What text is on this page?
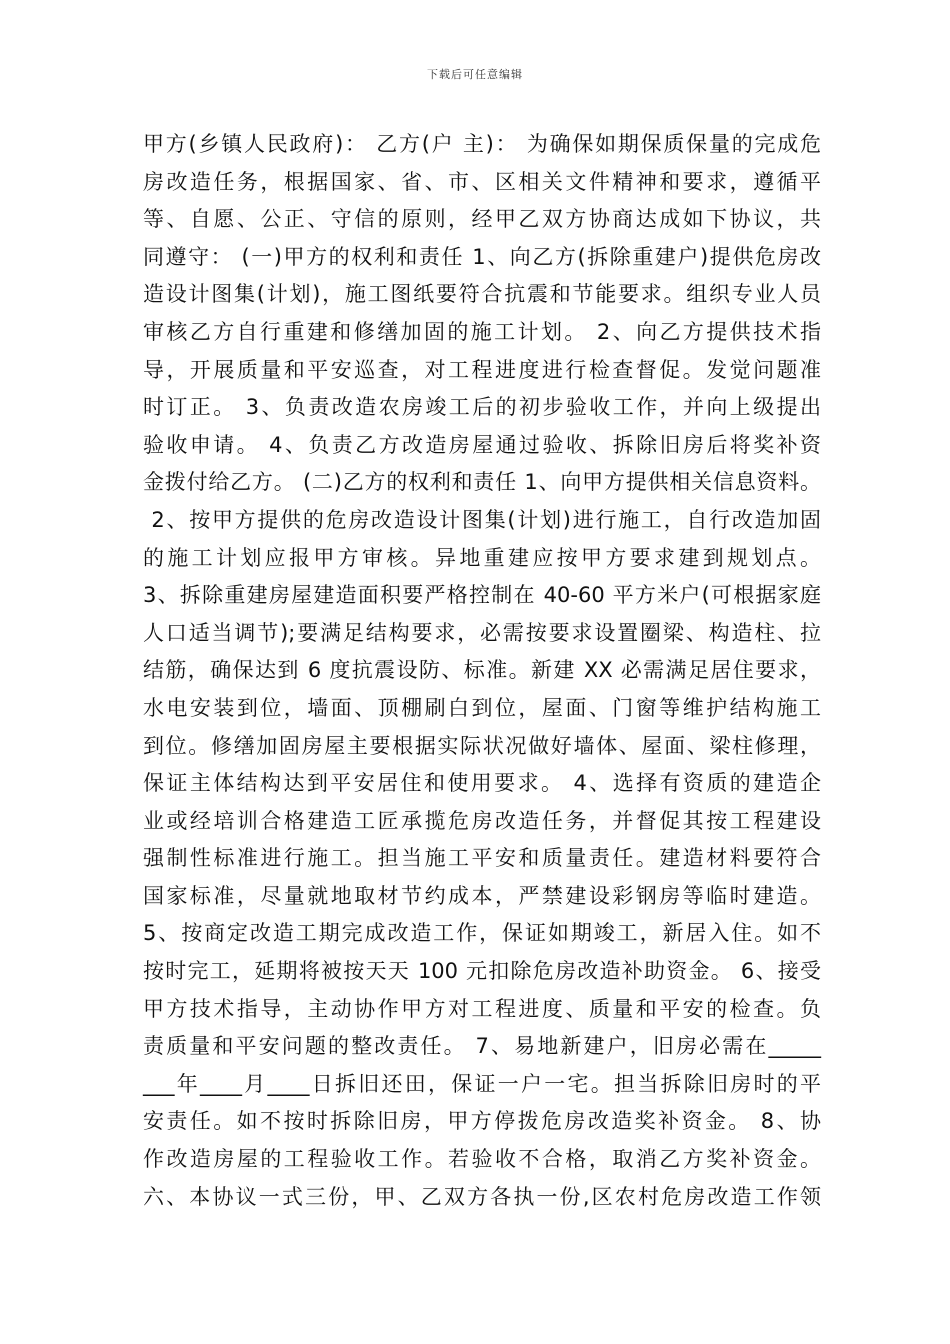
下载后可任意编辑
甲方(乡镇人民政府)： 乙方(户 主)： 为确保如期保质保量的完成危
房改造任务，根据国家、省、市、区相关文件精神和要求，遵循平
等、自愿、公正、守信的原则，经甲乙双方协商达成如下协议，共
同遵守： (一)甲方的权利和责任 1、向乙方(拆除重建户)提供危房改
造设计图集(计划)，施工图纸要符合抗震和节能要求。组织专业人员
审核乙方自行重建和修缮加固的施工计划。 2、向乙方提供技术指
导，开展质量和平安巡查，对工程进度进行检查督促。发觉问题准
时订正。 3、负责改造农房竣工后的初步验收工作，并向上级提出
验收申请。 4、负责乙方改造房屋通过验收、拆除旧房后将奖补资
金拨付给乙方。 (二)乙方的权利和责任 1、向甲方提供相关信息资料。
2、按甲方提供的危房改造设计图集(计划)进行施工，自行改造加固
的施工计划应报甲方审核。异地重建应按甲方要求建到规划点。
3、拆除重建房屋建造面积要严格控制在 40-60 平方米户(可根据家庭
人口适当调节);要满足结构要求，必需按要求设置圈梁、构造柱、拉
结筋，确保达到 6 度抗震设防、标准。新建 XX 必需满足居住要求，
水电安装到位，墙面、顶棚刷白到位，屋面、门窗等维护结构施工
到位。修缮加固房屋主要根据实际状况做好墙体、屋面、梁柱修理，
保证主体结构达到平安居住和使用要求。 4、选择有资质的建造企
业或经培训合格建造工匠承揽危房改造任务，并督促其按工程建设
强制性标准进行施工。担当施工平安和质量责任。建造材料要符合
国家标准，尽量就地取材节约成本，严禁建设彩钢房等临时建造。
5、按商定改造工期完成改造工作，保证如期竣工，新居入住。如不
按时完工，延期将被按天天 100 元扣除危房改造补助资金。 6、接受
甲方技术指导，主动协作甲方对工程进度、质量和平安的检查。负
责质量和平安问题的整改责任。 7、易地新建户，旧房必需在_____
___年____月____日拆旧还田，保证一户一宅。担当拆除旧房时的平
安责任。如不按时拆除旧房，甲方停拨危房改造奖补资金。 8、协
作改造房屋的工程验收工作。若验收不合格，取消乙方奖补资金。
六、本协议一式三份，甲、乙双方各执一份,区农村危房改造工作领
